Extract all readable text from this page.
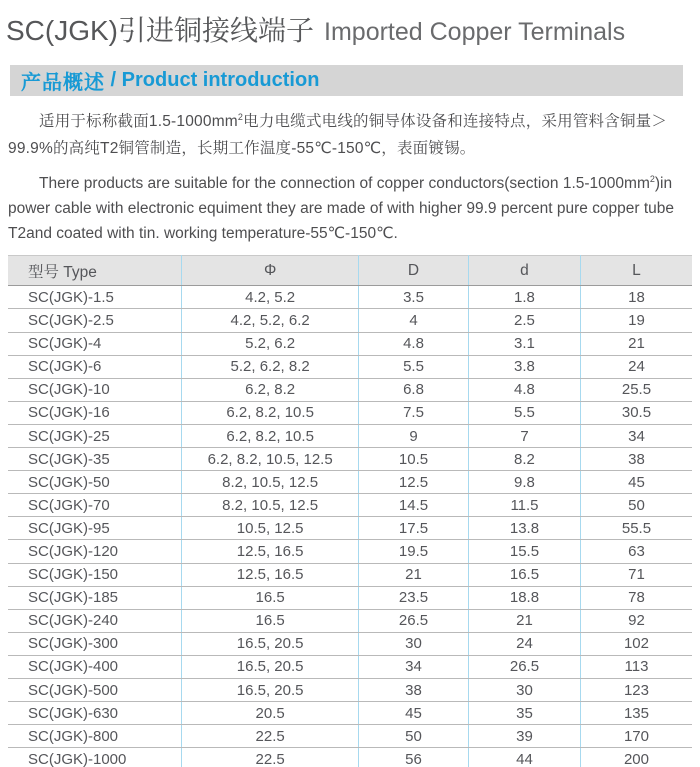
SC(JGK)引进铜接线端子 Imported Copper Terminals
产品概述 / Product introduction

适用于标称截面$1.5-1000mm^2$电力电缆式电线的铜导体设备和连接特点，采用管料含铜量＞99.9%的高纯T2铜管制造，长期工作温度-55℃-150℃，表面镀锡。

There products are suitable for the connection of copper conductors(section $1.5-1000mm^2)in$ power cable with electronic equiment they are made of with higher 99.9 percent pure copper tube T2and coated with tin. working temperature-55℃-150℃.

型号 Type	Φ	D	d	L
SC(JGK)-1.5	4.2, 5.2	3.5	1.8	18
SC(JGK)-2.5	4.2, 5.2, 6.2	4	2.5	19
SC(JGK)-4	5.2, 6.2	4.8	3.1	21
SC(JGK)-6	5.2, 6.2, 8.2	5.5	3.8	24
SC(JGK)-10	6.2, 8.2	6.8	4.8	25.5
SC(JGK)-16	6.2, 8.2, 10.5	7.5	5.5	30.5
SC(JGK)-25	6.2, 8.2, 10.5	9	7	34
SC(JGK)-35	6.2, 8.2, 10.5, 12.5	10.5	8.2	38
SC(JGK)-50	8.2, 10.5, 12.5	12.5	9.8	45
SC(JGK)-70	8.2, 10.5, 12.5	14.5	11.5	50
SC(JGK)-95	10.5, 12.5	17.5	13.8	55.5
SC(JGK)-120	12.5, 16.5	19.5	15.5	63
SC(JGK)-150	12.5, 16.5	21	16.5	71
SC(JGK)-185	16.5	23.5	18.8	78
SC(JGK)-240	16.5	26.5	21	92
SC(JGK)-300	16.5, 20.5	30	24	102
SC(JGK)-400	16.5, 20.5	34	26.5	113
SC(JGK)-500	16.5, 20.5	38	30	123
SC(JGK)-630	20.5	45	35	135
SC(JGK)-800	22.5	50	39	170
SC(JGK)-1000	22.5	56	44	200
